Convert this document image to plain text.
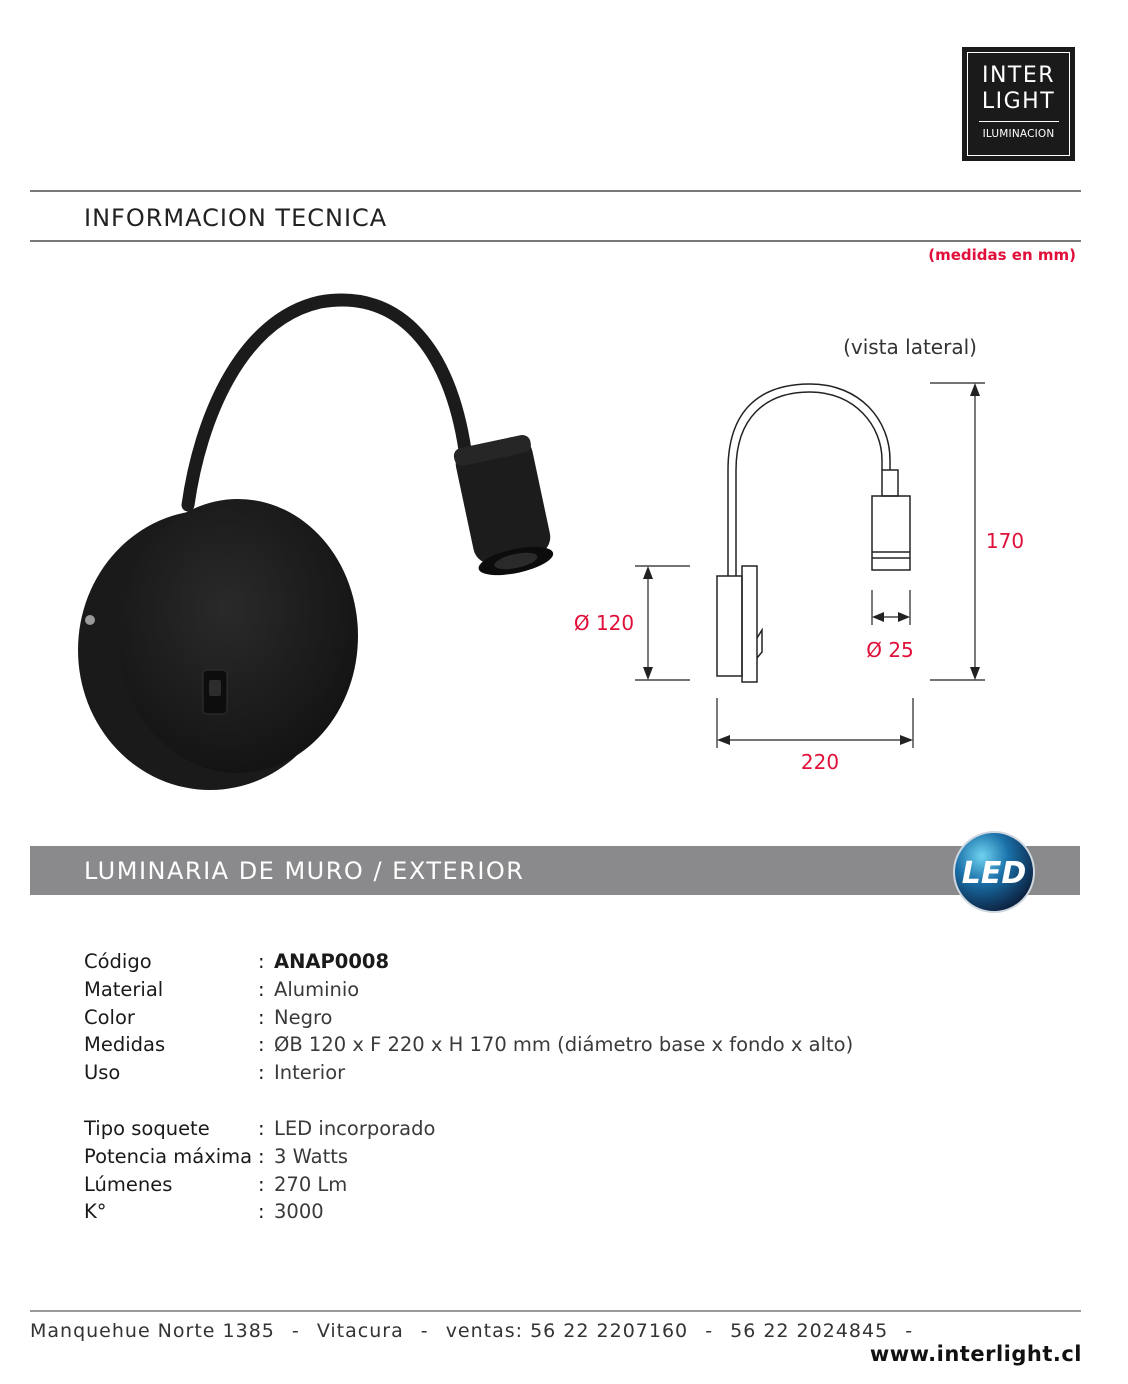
INTER
LIGHT
ILUMINACION
INFORMACION TECNICA
(medidas en mm)
(vista lateral)
170
Ø 120
Ø 25
220
LUMINARIA DE MURO / EXTERIOR	LED
Código	: ANAP0008
Material	: Aluminio
Color	: Negro
Medidas	: ØB 120 x F 220 x H 170 mm (diámetro base x fondo x alto)
Uso	: Interior
Tipo soquete	: LED incorporado
Potencia máxima : 3 Watts
Lúmenes	: 270 Lm
K°	: 3000
Manquehue Norte 1385 - Vitacura - ventas: 56 22 2207160 - 56 22 2024845 -
www.interlight.cl
